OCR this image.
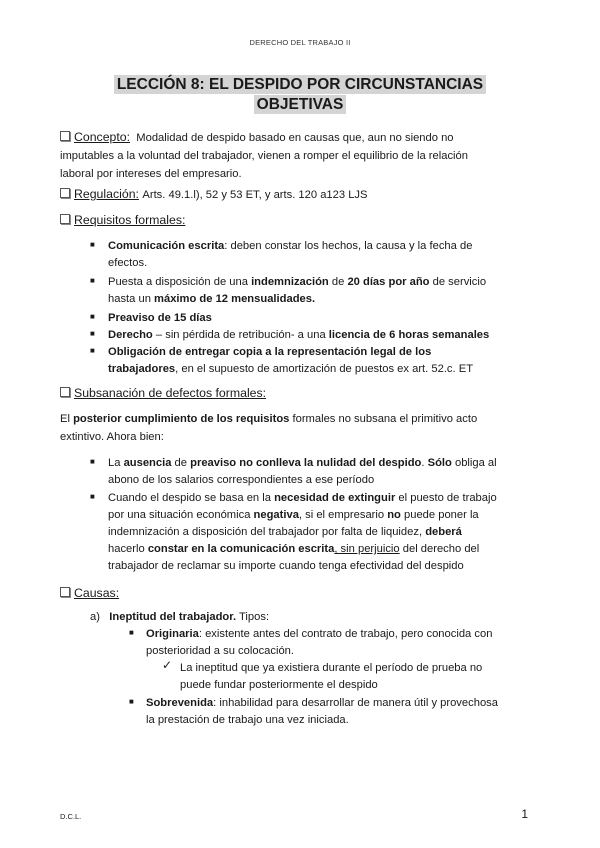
DERECHO DEL TRABAJO II
LECCIÓN 8: EL DESPIDO POR CIRCUNSTANCIAS
OBJETIVAS
Concepto: Modalidad de despido basado en causas que, aun no siendo no
imputables a la voluntad del trabajador, vienen a romper el equilibrio de la relación
laboral por intereses del empresario.
Regulación: Arts. 49.1.l), 52 y 53 ET, y arts. 120 a123 LJS
Requisitos formales:
■ Comunicación escrita: deben constar los hechos, la causa y la fecha de
efectos.
■ Puesta a disposición de una indemnización de 20 días por año de servicio
hasta un máximo de 12 mensualidades.
■ Preaviso de 15 días
■ Derecho – sin pérdida de retribución- a una licencia de 6 horas semanales
■ Obligación de entregar copia a la representación legal de los
trabajadores, en el supuesto de amortización de puestos ex art. 52.c. ET
Subsanación de defectos formales:
El posterior cumplimiento de los requisitos formales no subsana el primitivo acto
extintivo. Ahora bien:
■ La ausencia de preaviso no conlleva la nulidad del despido. Sólo obliga al
abono de los salarios correspondientes a ese período
■ Cuando el despido se basa en la necesidad de extinguir el puesto de trabajo
por una situación económica negativa, si el empresario no puede poner la
indemnización a disposición del trabajador por falta de liquidez, deberá
hacerlo constar en la comunicación escrita, sin perjuicio del derecho del
trabajador de reclamar su importe cuando tenga efectividad del despido
Causas:
a) Ineptitud del trabajador. Tipos:
■ Originaria: existente antes del contrato de trabajo, pero conocida con
posterioridad a su colocación.
✓ La ineptitud que ya existiera durante el período de prueba no
puede fundar posteriormente el despido
■ Sobrevenida: inhabilidad para desarrollar de manera útil y provechosa
la prestación de trabajo una vez iniciada.
D.C.L.	1
